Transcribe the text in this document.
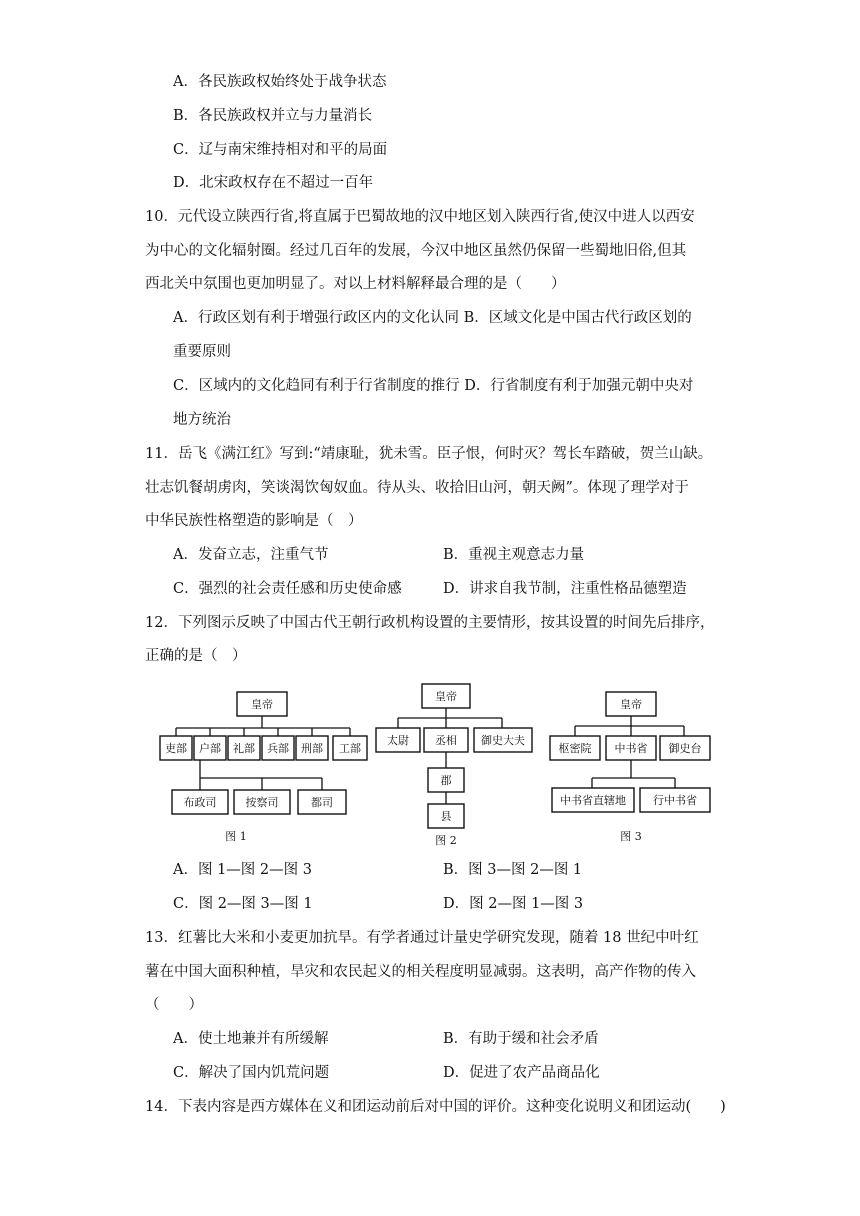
A．各民族政权始终处于战争状态
B．各民族政权并立与力量消长
C．辽与南宋维持相对和平的局面
D．北宋政权存在不超过一百年
10．元代设立陕西行省,将直属于巴蜀故地的汉中地区划入陕西行省,使汉中进人以西安
为中心的文化辐射圈。经过几百年的发展，今汉中地区虽然仍保留一些蜀地旧俗,但其
西北关中氛围也更加明显了。对以上材料解释最合理的是（　　）
A．行政区划有利于增强行政区内的文化认同 B．区域文化是中国古代行政区划的
重要原则
C．区域内的文化趋同有利于行省制度的推行 D．行省制度有利于加强元朝中央对
地方统治
11．岳飞《满江红》写到:“靖康耻，犹未雪。臣子恨，何时灭？驾长车踏破，贺兰山缺。
壮志饥餐胡虏肉，笑谈渴饮匈奴血。待从头、收拾旧山河，朝天阙”。体现了理学对于
中华民族性格塑造的影响是（　）
A．发奋立志，注重气节	B．重视主观意志力量
C．强烈的社会责任感和历史使命感	D．讲求自我节制，注重性格品德塑造
12．下列图示反映了中国古代王朝行政机构设置的主要情形，按其设置的时间先后排序，
正确的是（　）
皇帝
吏部 户部 礼部 兵部 刑部 工部
布政司	按察司	都司
图 1
皇帝
太尉 丞相 御史大夫
郡
县
图 2
皇帝
枢密院 中书省 御史台
中书省直辖地 行中书省
图 3
A．图 1—图 2—图 3	B．图 3—图 2—图 1
C．图 2—图 3—图 1	D．图 2—图 1—图 3
13．红薯比大米和小麦更加抗旱。有学者通过计量史学研究发现，随着 18 世纪中叶红
薯在中国大面积种植，旱灾和农民起义的相关程度明显减弱。这表明，高产作物的传入
（　　）
A．使土地兼并有所缓解	B．有助于缓和社会矛盾
C．解决了国内饥荒问题	D．促进了农产品商品化
14．下表内容是西方媒体在义和团运动前后对中国的评价。这种变化说明义和团运动(　　)
